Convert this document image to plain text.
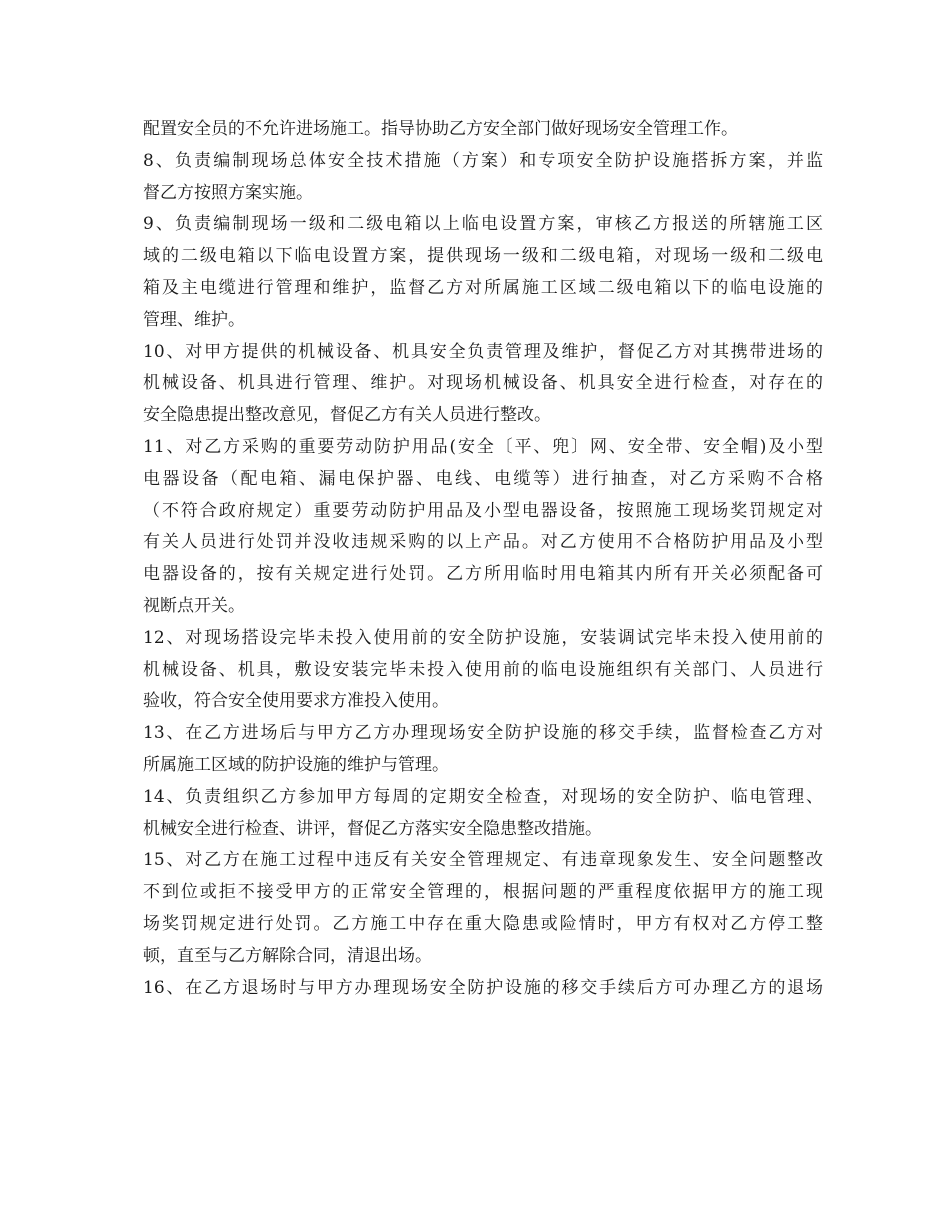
配置安全员的不允许进场施工。指导协助乙方安全部门做好现场安全管理工作。
8、负责编制现场总体安全技术措施（方案）和专项安全防护设施搭拆方案，并监
督乙方按照方案实施。
9、负责编制现场一级和二级电箱以上临电设置方案，审核乙方报送的所辖施工区
域的二级电箱以下临电设置方案，提供现场一级和二级电箱，对现场一级和二级电
箱及主电缆进行管理和维护，监督乙方对所属施工区域二级电箱以下的临电设施的
管理、维护。
10、对甲方提供的机械设备、机具安全负责管理及维护，督促乙方对其携带进场的
机械设备、机具进行管理、维护。对现场机械设备、机具安全进行检查，对存在的
安全隐患提出整改意见，督促乙方有关人员进行整改。
11、对乙方采购的重要劳动防护用品(安全〔平、兜〕网、安全带、安全帽)及小型
电器设备（配电箱、漏电保护器、电线、电缆等）进行抽查，对乙方采购不合格
（不符合政府规定）重要劳动防护用品及小型电器设备，按照施工现场奖罚规定对
有关人员进行处罚并没收违规采购的以上产品。对乙方使用不合格防护用品及小型
电器设备的，按有关规定进行处罚。乙方所用临时用电箱其内所有开关必须配备可
视断点开关。
12、对现场搭设完毕未投入使用前的安全防护设施，安装调试完毕未投入使用前的
机械设备、机具，敷设安装完毕未投入使用前的临电设施组织有关部门、人员进行
验收，符合安全使用要求方准投入使用。
13、在乙方进场后与甲方乙方办理现场安全防护设施的移交手续，监督检查乙方对
所属施工区域的防护设施的维护与管理。
14、负责组织乙方参加甲方每周的定期安全检查，对现场的安全防护、临电管理、
机械安全进行检查、讲评，督促乙方落实安全隐患整改措施。
15、对乙方在施工过程中违反有关安全管理规定、有违章现象发生、安全问题整改
不到位或拒不接受甲方的正常安全管理的，根据问题的严重程度依据甲方的施工现
场奖罚规定进行处罚。乙方施工中存在重大隐患或险情时，甲方有权对乙方停工整
顿，直至与乙方解除合同，清退出场。
16、在乙方退场时与甲方办理现场安全防护设施的移交手续后方可办理乙方的退场
